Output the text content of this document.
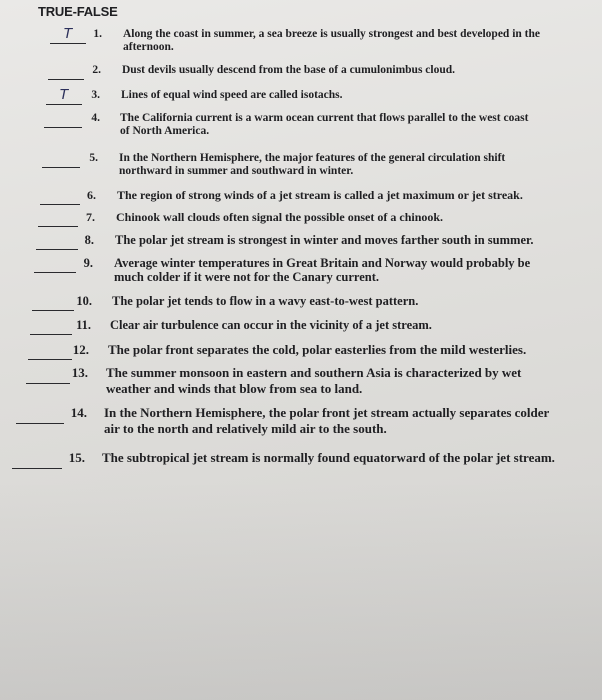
TRUE-FALSE
T	1. Along the coast in summer, a sea breeze is usually strongest and best developed in the afternoon.
2. Dust devils usually descend from the base of a cumulonimbus cloud.
T	3. Lines of equal wind speed are called isotachs.
4. The California current is a warm ocean current that flows parallel to the west coast of North America.
5. In the Northern Hemisphere, the major features of the general circulation shift northward in summer and southward in winter.
6. The region of strong winds of a jet stream is called a jet maximum or jet streak.
7. Chinook wall clouds often signal the possible onset of a chinook.
8. The polar jet stream is strongest in winter and moves farther south in summer.
9. Average winter temperatures in Great Britain and Norway would probably be much colder if it were not for the Canary current.
10. The polar jet tends to flow in a wavy east-to-west pattern.
11. Clear air turbulence can occur in the vicinity of a jet stream.
12. The polar front separates the cold, polar easterlies from the mild westerlies.
13. The summer monsoon in eastern and southern Asia is characterized by wet weather and winds that blow from sea to land.
14. In the Northern Hemisphere, the polar front jet stream actually separates colder air to the north and relatively mild air to the south.
15. The subtropical jet stream is normally found equatorward of the polar jet stream.
